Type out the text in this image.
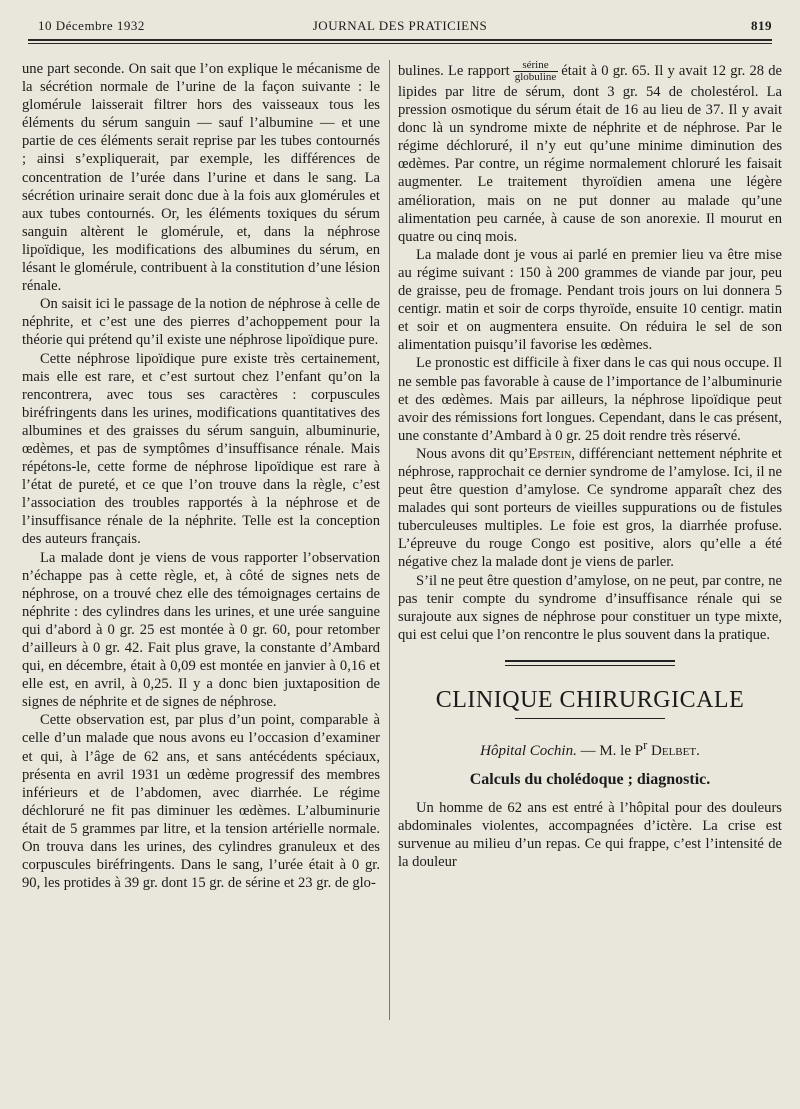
10 Décembre 1932	JOURNAL DES PRATICIENS	819

une part seconde. On sait que l’on explique le mécanisme de la sécrétion normale de l’urine de la façon suivante : le glomérule laisserait filtrer hors des vaisseaux tous les éléments du sérum sanguin — sauf l’albumine — et une partie de ces éléments serait reprise par les tubes contournés ; ainsi s’expliquerait, par exemple, les différences de concentration de l’urée dans l’urine et dans le sang. La sécrétion urinaire serait donc due à la fois aux glomérules et aux tubes contournés. Or, les éléments toxiques du sérum sanguin altèrent le glomérule, et, dans la néphrose lipoïdique, les modifications des albumines du sérum, en lésant le glomérule, contribuent à la constitution d’une lésion rénale.

On saisit ici le passage de la notion de néphrose à celle de néphrite, et c’est une des pierres d’achoppement pour la théorie qui prétend qu’il existe une néphrose lipoïdique pure.

Cette néphrose lipoïdique pure existe très certainement, mais elle est rare, et c’est surtout chez l’enfant qu’on la rencontrera, avec tous ses caractères : corpuscules biréfringents dans les urines, modifications quantitatives des albumines et des graisses du sérum sanguin, albuminurie, œdèmes, et pas de symptômes d’insuffisance rénale. Mais répétons-le, cette forme de néphrose lipoïdique est rare à l’état de pureté, et ce que l’on trouve dans la règle, c’est l’association des troubles rapportés à la néphrose et de l’insuffisance rénale de la néphrite. Telle est la conception des auteurs français.

La malade dont je viens de vous rapporter l’observation n’échappe pas à cette règle, et, à côté de signes nets de néphrose, on a trouvé chez elle des témoignages certains de néphrite : des cylindres dans les urines, et une urée sanguine qui d’abord à 0 gr. 25 est montée à 0 gr. 60, pour retomber d’ailleurs à 0 gr. 42. Fait plus grave, la constante d’Ambard qui, en décembre, était à 0,09 est montée en janvier à 0,16 et elle est, en avril, à 0,25. Il y a donc bien juxtaposition de signes de néphrite et de signes de néphrose.

Cette observation est, par plus d’un point, comparable à celle d’un malade que nous avons eu l’occasion d’examiner et qui, à l’âge de 62 ans, et sans antécédents spéciaux, présenta en avril 1931 un œdème progressif des membres inférieurs et de l’abdomen, avec diarrhée. Le régime déchloruré ne fit pas diminuer les œdèmes. L’albuminurie était de 5 grammes par litre, et la tension artérielle normale. On trouva dans les urines, des cylindres granuleux et des corpuscules biréfringents. Dans le sang, l’urée était à 0 gr. 90, les protides à 39 gr. dont 15 gr. de sérine et 23 gr. de glo-

bulines. Le rapport $\frac{\text{sérine}}{\text{globuline}}$ était à 0 gr. 65. Il y avait 12 gr. 28 de lipides par litre de sérum, dont 3 gr. 54 de cholestérol. La pression osmotique du sérum était de 16 au lieu de 37. Il y avait donc là un syndrome mixte de néphrite et de néphrose. Par le régime déchloruré, il n’y eut qu’une minime diminution des œdèmes. Par contre, un régime normalement chloruré les faisait augmenter. Le traitement thyroïdien amena une légère amélioration, mais on ne put donner au malade qu’une alimentation peu carnée, à cause de son anorexie. Il mourut en quatre ou cinq mois.

La malade dont je vous ai parlé en premier lieu va être mise au régime suivant : 150 à 200 grammes de viande par jour, peu de graisse, peu de fromage. Pendant trois jours on lui donnera 5 centigr. matin et soir de corps thyroïde, ensuite 10 centigr. matin et soir et on augmentera ensuite. On réduira le sel de son alimentation puisqu’il favorise les œdèmes.

Le pronostic est difficile à fixer dans le cas qui nous occupe. Il ne semble pas favorable à cause de l’importance de l’albuminurie et des œdèmes. Mais par ailleurs, la néphrose lipoïdique peut avoir des rémissions fort longues. Cependant, dans le cas présent, une constante d’Ambard à 0 gr. 25 doit rendre très réservé.

Nous avons dit qu’Epstein, différenciant nettement néphrite et néphrose, rapprochait ce dernier syndrome de l’amylose. Ici, il ne peut être question d’amylose. Ce syndrome apparaît chez des malades qui sont porteurs de vieilles suppurations ou de fistules tuberculeuses multiples. Le foie est gros, la diarrhée profuse. L’épreuve du rouge Congo est positive, alors qu’elle a été négative chez la malade dont je viens de parler.

S’il ne peut être question d’amylose, on ne peut, par contre, ne pas tenir compte du syndrome d’insuffisance rénale qui se surajoute aux signes de néphrose pour constituer un type mixte, qui est celui que l’on rencontre le plus souvent dans la pratique.

CLINIQUE CHIRURGICALE
Hôpital Cochin. — M. le $P^r$ Delbet.
Calculs du cholédoque ; diagnostic.

Un homme de 62 ans est entré à l’hôpital pour des douleurs abdominales violentes, accompagnées d’ictère. La crise est survenue au milieu d’un repas. Ce qui frappe, c’est l’intensité de la douleur
